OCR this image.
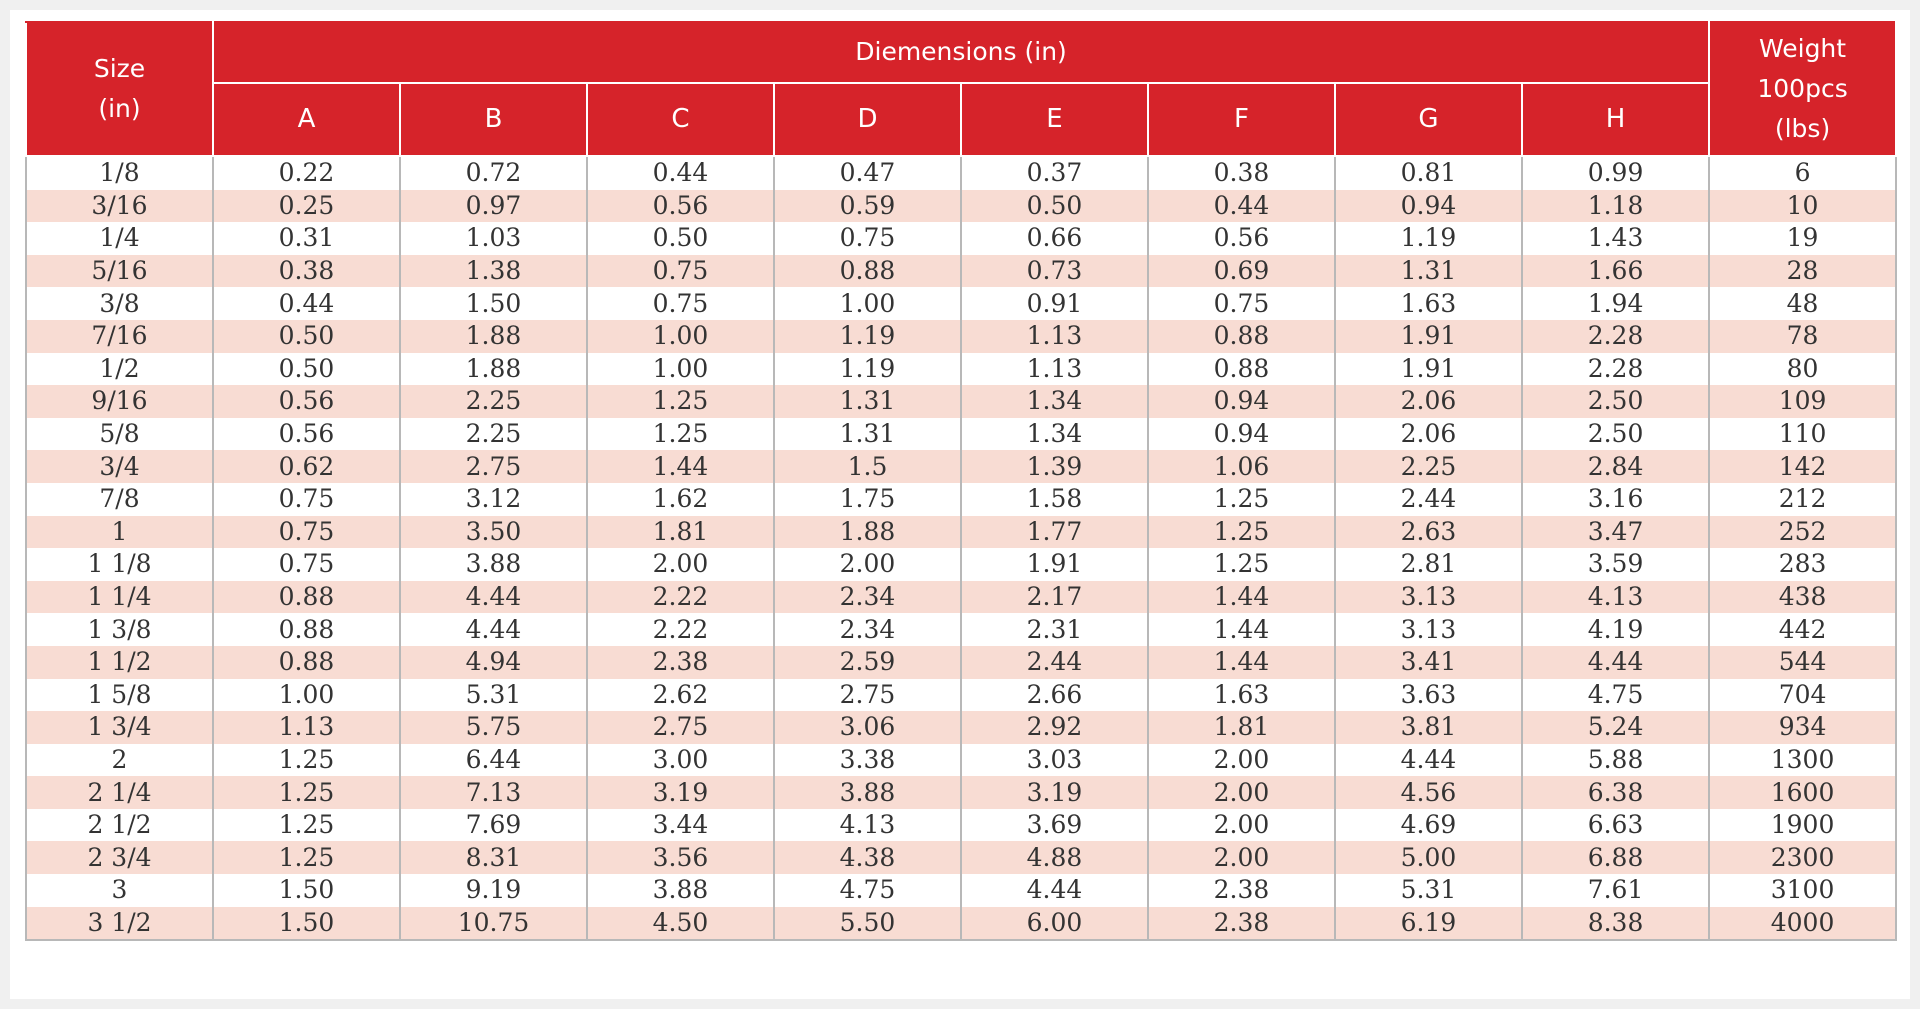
Size
(in)	Diemensions (in)								Weight
100pcs
(lbs)

	A	B	C	D	E	F	G	H	
1/8	0.22	0.72	0.44	0.47	0.37	0.38	0.81	0.99	6
3/16	0.25	0.97	0.56	0.59	0.50	0.44	0.94	1.18	10
1/4	0.31	1.03	0.50	0.75	0.66	0.56	1.19	1.43	19
5/16	0.38	1.38	0.75	0.88	0.73	0.69	1.31	1.66	28
3/8	0.44	1.50	0.75	1.00	0.91	0.75	1.63	1.94	48
7/16	0.50	1.88	1.00	1.19	1.13	0.88	1.91	2.28	78
1/2	0.50	1.88	1.00	1.19	1.13	0.88	1.91	2.28	80
9/16	0.56	2.25	1.25	1.31	1.34	0.94	2.06	2.50	109
5/8	0.56	2.25	1.25	1.31	1.34	0.94	2.06	2.50	110
3/4	0.62	2.75	1.44	1.5	1.39	1.06	2.25	2.84	142
7/8	0.75	3.12	1.62	1.75	1.58	1.25	2.44	3.16	212
1	0.75	3.50	1.81	1.88	1.77	1.25	2.63	3.47	252
1 1/8	0.75	3.88	2.00	2.00	1.91	1.25	2.81	3.59	283
1 1/4	0.88	4.44	2.22	2.34	2.17	1.44	3.13	4.13	438
1 3/8	0.88	4.44	2.22	2.34	2.31	1.44	3.13	4.19	442
1 1/2	0.88	4.94	2.38	2.59	2.44	1.44	3.41	4.44	544
1 5/8	1.00	5.31	2.62	2.75	2.66	1.63	3.63	4.75	704
1 3/4	1.13	5.75	2.75	3.06	2.92	1.81	3.81	5.24	934
2	1.25	6.44	3.00	3.38	3.03	2.00	4.44	5.88	1300
2 1/4	1.25	7.13	3.19	3.88	3.19	2.00	4.56	6.38	1600
2 1/2	1.25	7.69	3.44	4.13	3.69	2.00	4.69	6.63	1900
2 3/4	1.25	8.31	3.56	4.38	4.88	2.00	5.00	6.88	2300
3	1.50	9.19	3.88	4.75	4.44	2.38	5.31	7.61	3100
3 1/2	1.50	10.75	4.50	5.50	6.00	2.38	6.19	8.38	4000
